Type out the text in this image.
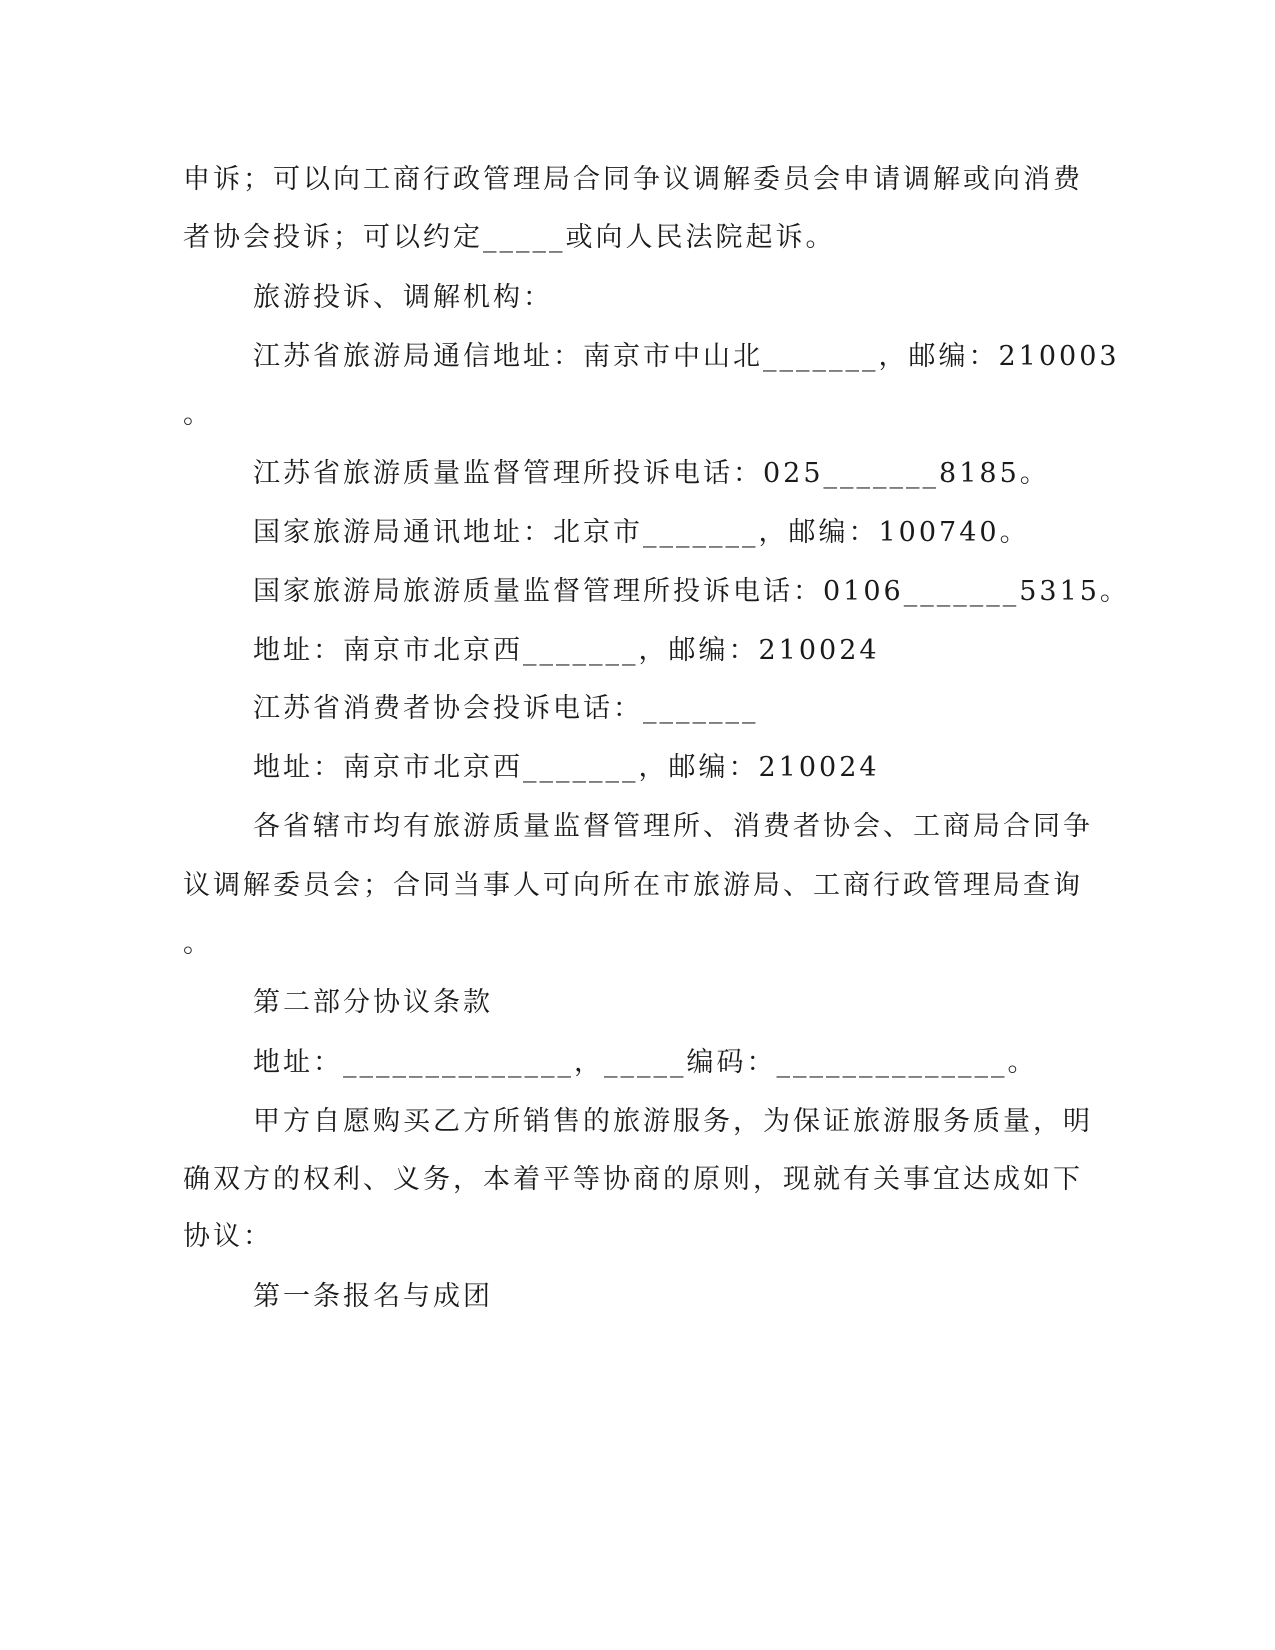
申诉；可以向工商行政管理局合同争议调解委员会申请调解或向消费
者协会投诉；可以约定_____或向人民法院起诉。
旅游投诉、调解机构：
江苏省旅游局通信地址：南京市中山北_______，邮编：210003
。
江苏省旅游质量监督管理所投诉电话：025_______8185。
国家旅游局通讯地址：北京市_______，邮编：100740。
国家旅游局旅游质量监督管理所投诉电话：0106_______5315。
地址：南京市北京西_______，邮编：210024
江苏省消费者协会投诉电话：_______
地址：南京市北京西_______，邮编：210024
各省辖市均有旅游质量监督管理所、消费者协会、工商局合同争
议调解委员会；合同当事人可向所在市旅游局、工商行政管理局查询
。
第二部分协议条款
地址：______________，_____编码：______________。
甲方自愿购买乙方所销售的旅游服务，为保证旅游服务质量，明
确双方的权利、义务，本着平等协商的原则，现就有关事宜达成如下
协议：
第一条报名与成团
